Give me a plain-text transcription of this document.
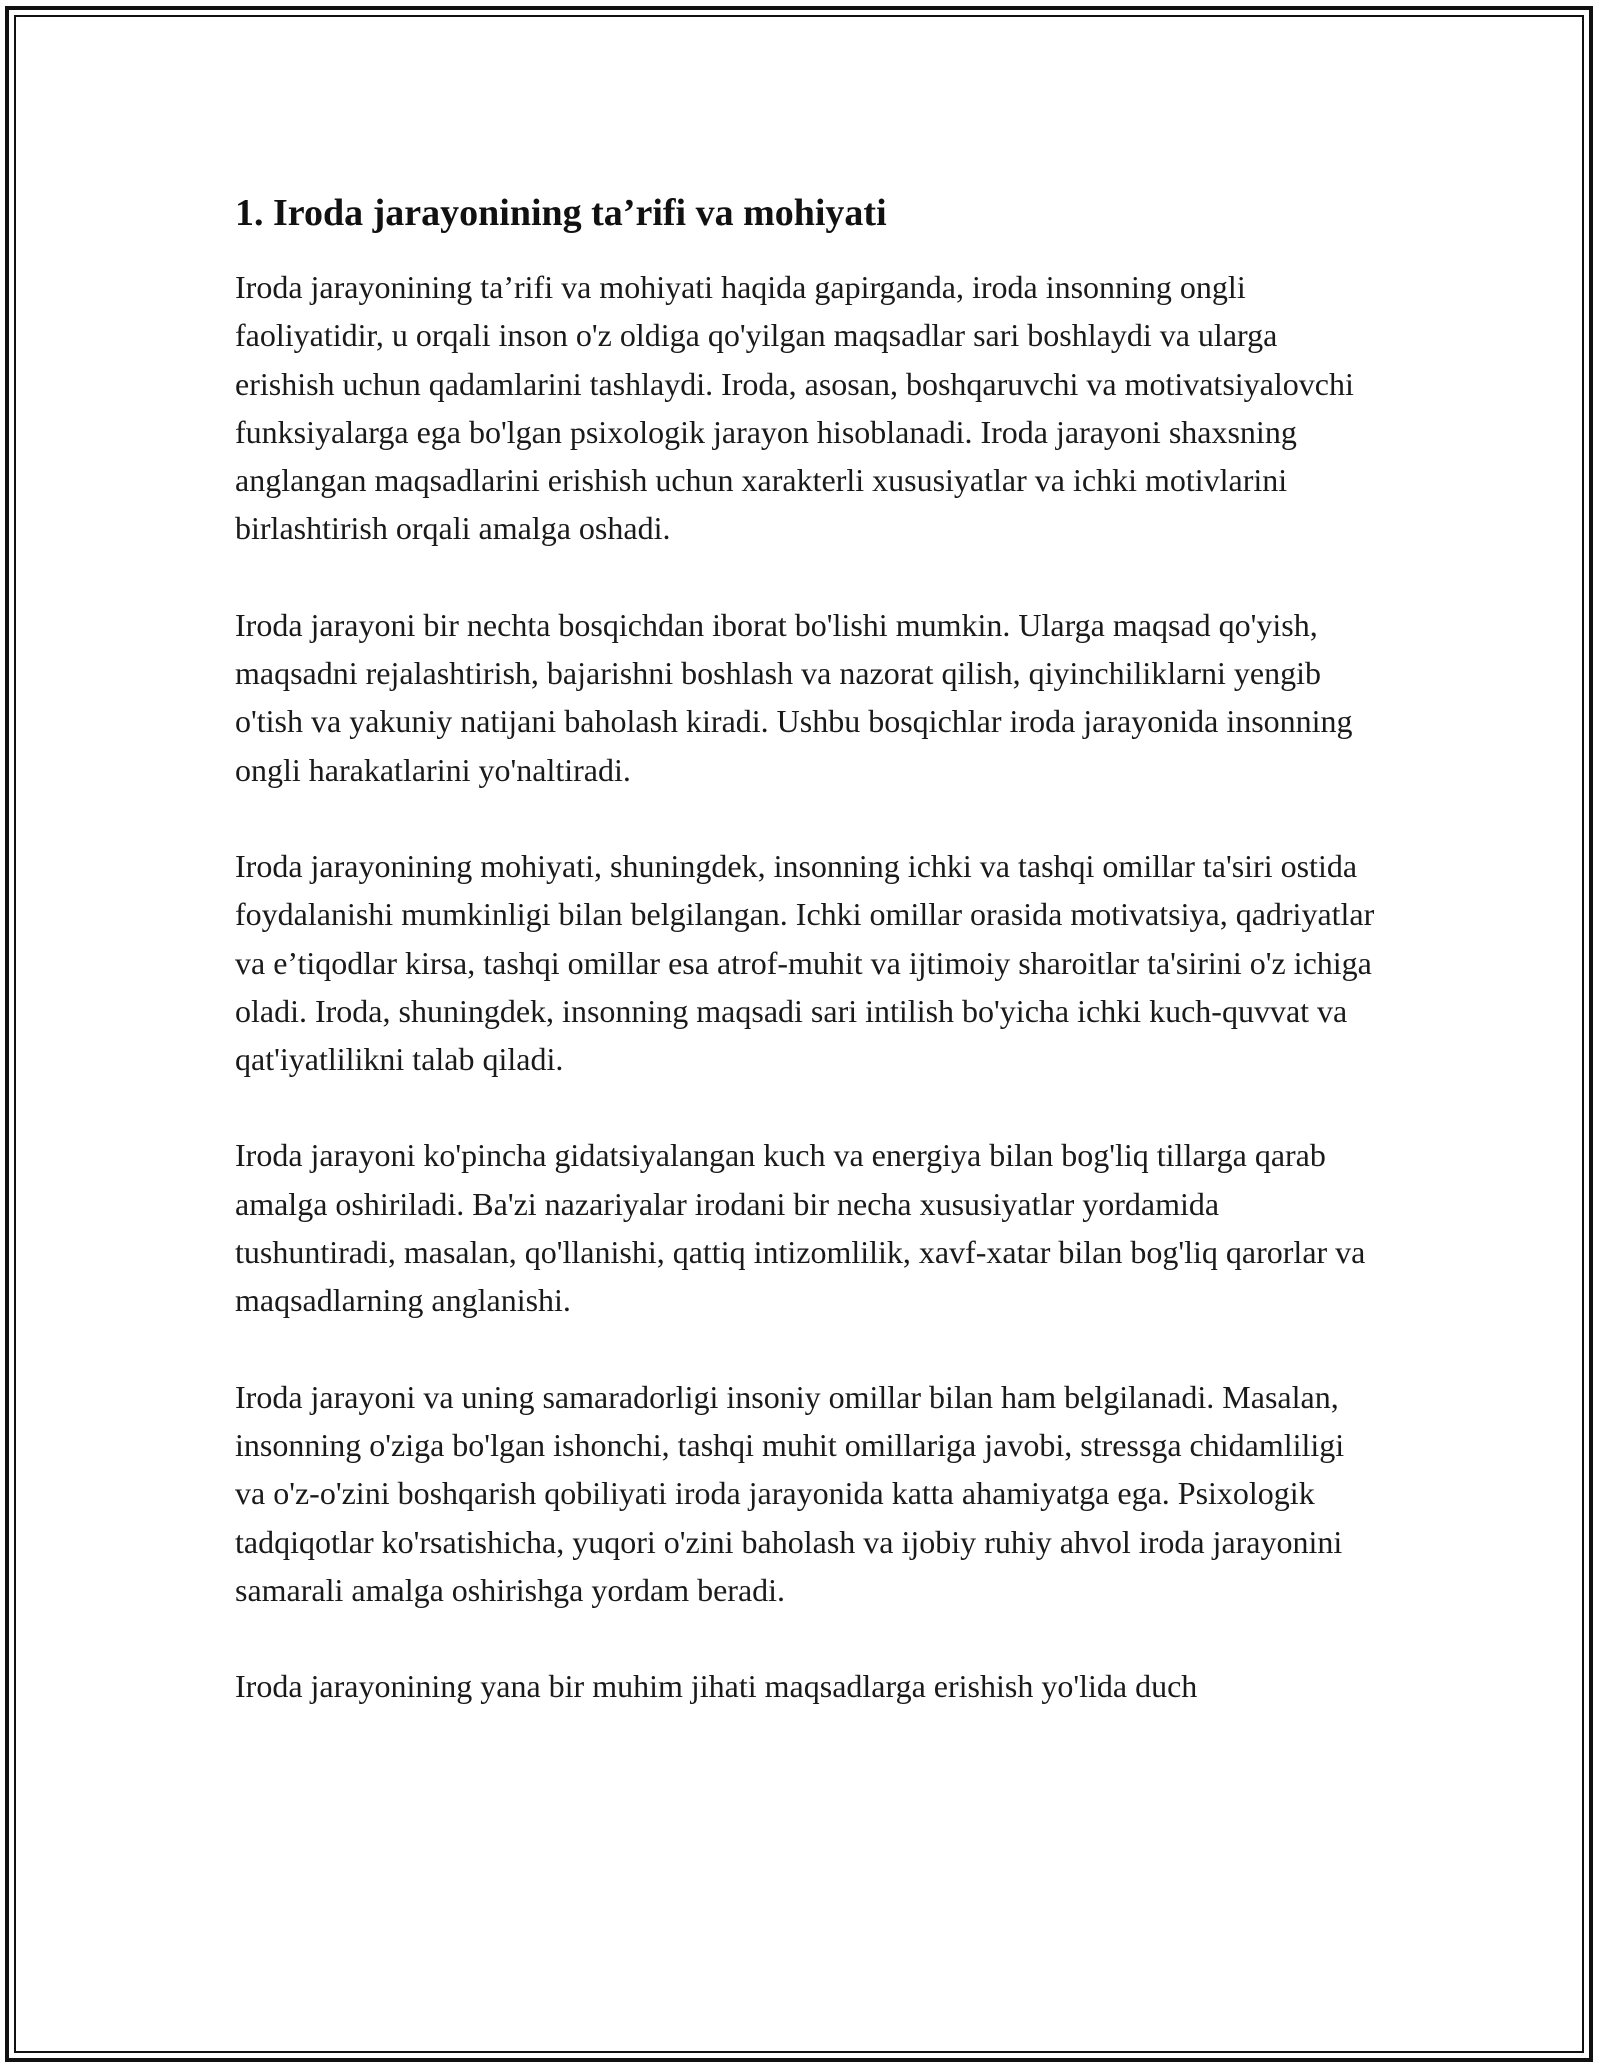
1. Iroda jarayonining ta’rifi va mohiyati

Iroda jarayonining ta’rifi va mohiyati haqida gapirganda, iroda insonning ongli faoliyatidir, u orqali inson o'z oldiga qo'yilgan maqsadlar sari boshlaydi va ularga erishish uchun qadamlarini tashlaydi. Iroda, asosan, boshqaruvchi va motivatsiyalovchi funksiyalarga ega bo'lgan psixologik jarayon hisoblanadi. Iroda jarayoni shaxsning anglangan maqsadlarini erishish uchun xarakterli xususiyatlar va ichki motivlarini birlashtirish orqali amalga oshadi.

Iroda jarayoni bir nechta bosqichdan iborat bo'lishi mumkin. Ularga maqsad qo'yish, maqsadni rejalashtirish, bajarishni boshlash va nazorat qilish, qiyinchiliklarni yengib o'tish va yakuniy natijani baholash kiradi. Ushbu bosqichlar iroda jarayonida insonning ongli harakatlarini yo'naltiradi.

Iroda jarayonining mohiyati, shuningdek, insonning ichki va tashqi omillar ta'siri ostida foydalanishi mumkinligi bilan belgilangan. Ichki omillar orasida motivatsiya, qadriyatlar va e’tiqodlar kirsa, tashqi omillar esa atrof-muhit va ijtimoiy sharoitlar ta'sirini o'z ichiga oladi. Iroda, shuningdek, insonning maqsadi sari intilish bo'yicha ichki kuch-quvvat va qat'iyatlilikni talab qiladi.

Iroda jarayoni ko'pincha gidatsiyalangan kuch va energiya bilan bog'liq tillarga qarab amalga oshiriladi. Ba'zi nazariyalar irodani bir necha xususiyatlar yordamida tushuntiradi, masalan, qo'llanishi, qattiq intizomlilik, xavf-xatar bilan bog'liq qarorlar va maqsadlarning anglanishi.

Iroda jarayoni va uning samaradorligi insoniy omillar bilan ham belgilanadi. Masalan, insonning o'ziga bo'lgan ishonchi, tashqi muhit omillariga javobi, stressga chidamliligi va o'z-o'zini boshqarish qobiliyati iroda jarayonida katta ahamiyatga ega. Psixologik tadqiqotlar ko'rsatishicha, yuqori o'zini baholash va ijobiy ruhiy ahvol iroda jarayonini samarali amalga oshirishga yordam beradi.

Iroda jarayonining yana bir muhim jihati maqsadlarga erishish yo'lida duch
